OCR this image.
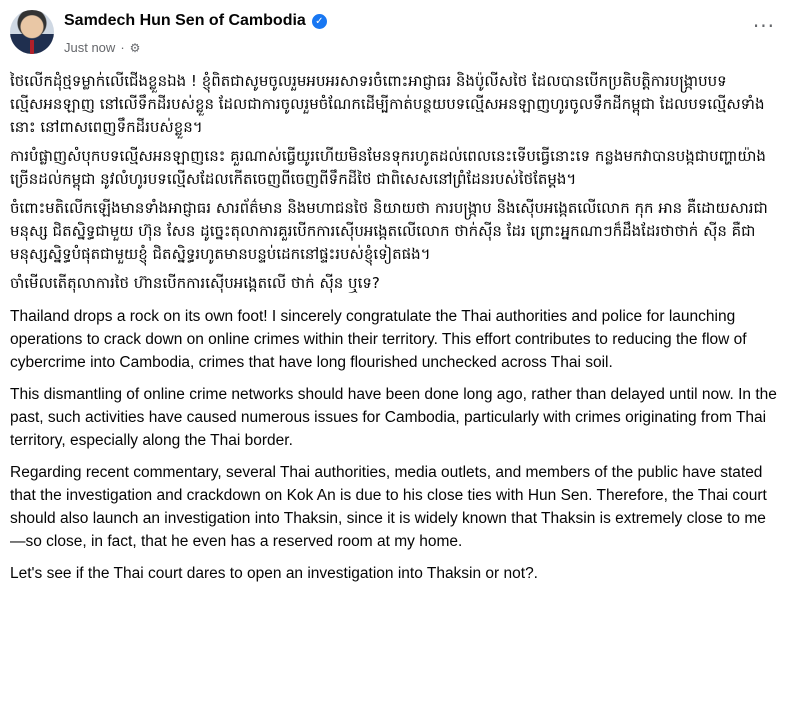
Samdech Hun Sen of Cambodia ✓
Just now · ⚙
···

ថៃលើកដុំថ្មទម្លាក់លើជើងខ្លួនឯង ! ខ្ញុំពិតជាសូមចូលរួមអបអរសាទរចំពោះអាជ្ញាធរ និងប៉ូលីសថៃ ដែលបានបើកប្រតិបត្តិការបង្ក្រាបបទល្មើសអនឡាញ នៅលើទឹកដីរបស់ខ្លួន ដែលជាការចូលរួមចំណែកដើម្បីកាត់បន្ថយបទល្មើសអនឡាញហូរចូលទឹកដីកម្ពុជា ដែលបទល្មើសទាំងនោះ នៅពាសពេញទឹកដីរបស់ខ្លួន។

ការបំផ្លាញសំបុកបទល្មើសអនឡាញនេះ គួរណាស់ធ្វើយូរហើយមិនមែនទុករហូតដល់ពេលនេះទើបធ្វើនោះទេ កន្លងមកវាបានបង្កជាបញ្ហាយ៉ាងច្រើនដល់កម្ពុជា នូវលំហូរបទល្មើសដែលកើតចេញពីចេញពីទឹកដីថៃ ជាពិសេសនៅព្រំដែនរបស់ថៃតែម្តង។

ចំពោះមតិលើកឡើងមានទាំងអាជ្ញាធរ សារព័ត៌មាន និងមហាជនថៃ និយាយថា ការបង្ក្រាប និងស៊ើបអង្កេតលើលោក កុក អាន គឺដោយសារជាមនុស្ស ជិតស្និទ្ធជាមួយ ហ៊ុន សែន ដូច្នេះតុលាការគួរបើកការស៊ើបអង្កេតលើលោក ថាក់ស៊ីន ដែរ ព្រោះអ្នកណាៗក៏ដឹងដែរថាថាក់ ស៊ីន គឺជាមនុស្សស្និទ្ធបំផុតជាមួយខ្ញុំ ជិតស្និទ្ធរហូតមានបន្ទប់ដេកនៅផ្ទះរបស់ខ្ញុំទៀតផង។

ចាំមើលតើតុលាការថៃ ហ៊ានបើកការស៊ើបអង្កេតលើ ថាក់ ស៊ីន ឬទេ?

Thailand drops a rock on its own foot! I sincerely congratulate the Thai authorities and police for launching operations to crack down on online crimes within their territory. This effort contributes to reducing the flow of cybercrime into Cambodia, crimes that have long flourished unchecked across Thai soil.

This dismantling of online crime networks should have been done long ago, rather than delayed until now. In the past, such activities have caused numerous issues for Cambodia, particularly with crimes originating from Thai territory, especially along the Thai border.

Regarding recent commentary, several Thai authorities, media outlets, and members of the public have stated that the investigation and crackdown on Kok An is due to his close ties with Hun Sen. Therefore, the Thai court should also launch an investigation into Thaksin, since it is widely known that Thaksin is extremely close to me—so close, in fact, that he even has a reserved room at my home.

Let's see if the Thai court dares to open an investigation into Thaksin or not?.
